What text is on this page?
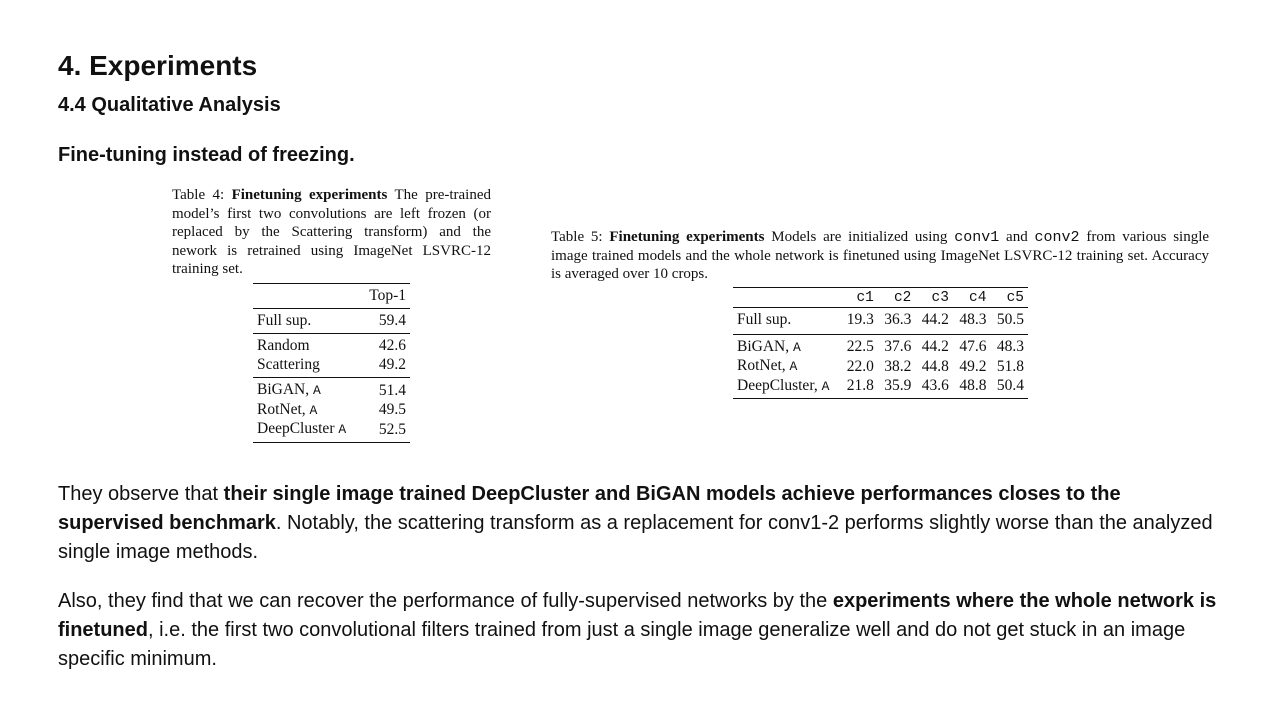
4. Experiments
4.4 Qualitative Analysis
Fine-tuning instead of freezing.
Table 4: Finetuning experiments The pre-trained model’s first two convolutions are left frozen (or replaced by the Scattering transform) and the nework is retrained using ImageNet LSVRC-12 training set.
	Top-1
Full sup.	59.4
Random	42.6
Scattering	49.2
BiGAN, A	51.4
RotNet, A	49.5
DeepCluster A	52.5
Table 5: Finetuning experiments Models are initialized using conv1 and conv2 from various single image trained models and the whole network is finetuned using ImageNet LSVRC-12 training set. Accuracy is averaged over 10 crops.
	c1	c2	c3	c4	c5
Full sup.	19.3	36.3	44.2	48.3	50.5
BiGAN, A	22.5	37.6	44.2	47.6	48.3
RotNet, A	22.0	38.2	44.8	49.2	51.8
DeepCluster, A	21.8	35.9	43.6	48.8	50.4
They observe that their single image trained DeepCluster and BiGAN models achieve performances closes to the supervised benchmark. Notably, the scattering transform as a replacement for conv1-2 performs slightly worse than the analyzed single image methods.
Also, they find that we can recover the performance of fully-supervised networks by the experiments where the whole network is finetuned, i.e. the first two convolutional filters trained from just a single image generalize well and do not get stuck in an image specific minimum.
